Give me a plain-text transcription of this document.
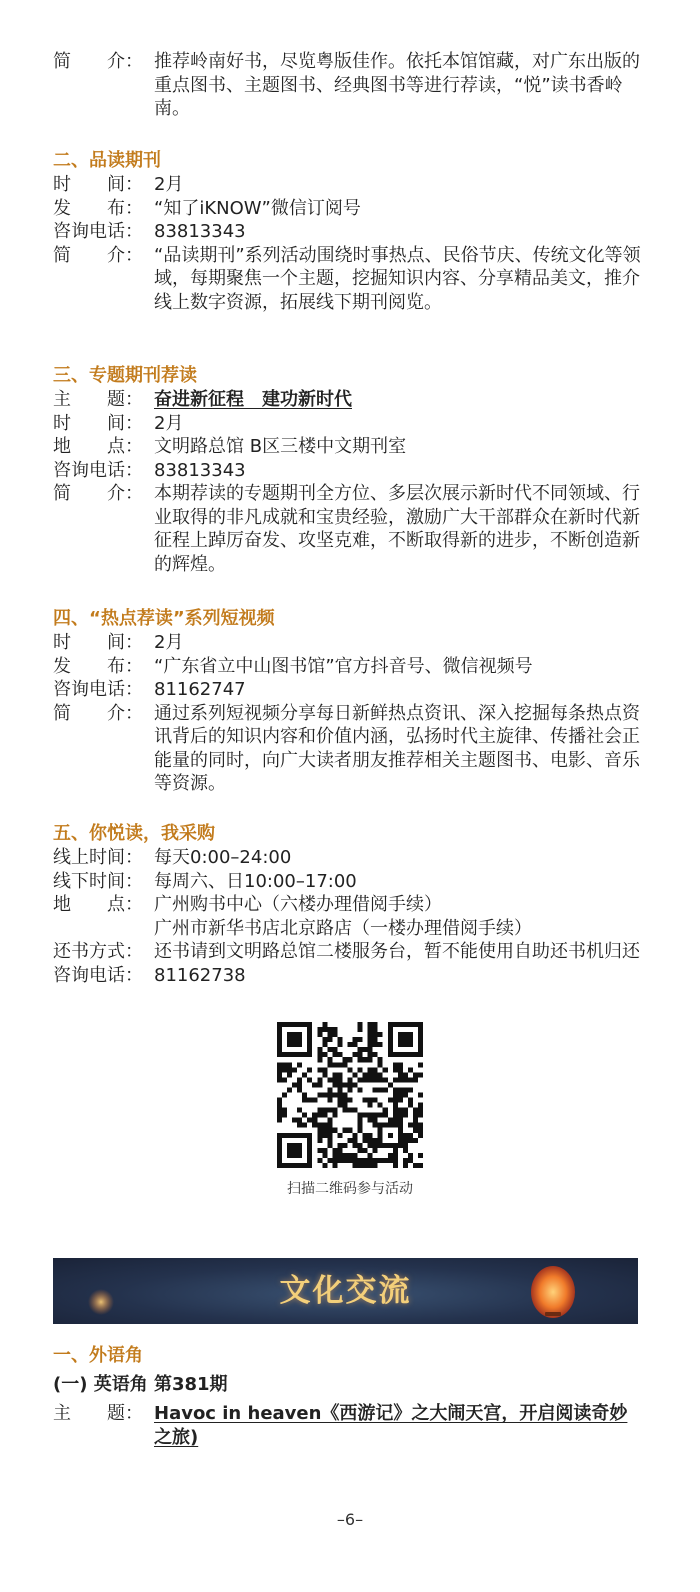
简　　介： 推荐岭南好书，尽览粤版佳作。依托本馆馆藏，对广东出版的重点图书、主题图书、经典图书等进行荐读，“悦”读书香岭南。
二、品读期刊
时　　间： 2月
发　　布： “知了iKNOW”微信订阅号
咨询电话： 83813343
简　　介： “品读期刊”系列活动围绕时事热点、民俗节庆、传统文化等领域，每期聚焦一个主题，挖掘知识内容、分享精品美文，推介线上数字资源，拓展线下期刊阅览。
三、专题期刊荐读
主　　题： 奋进新征程　建功新时代
时　　间： 2月
地　　点： 文明路总馆 B区三楼中文期刊室
咨询电话： 83813343
简　　介： 本期荐读的专题期刊全方位、多层次展示新时代不同领域、行业取得的非凡成就和宝贵经验，激励广大干部群众在新时代新征程上踔厉奋发、攻坚克难，不断取得新的进步，不断创造新的辉煌。
四、“热点荐读”系列短视频
时　　间： 2月
发　　布： “广东省立中山图书馆”官方抖音号、微信视频号
咨询电话： 81162747
简　　介： 通过系列短视频分享每日新鲜热点资讯、深入挖掘每条热点资讯背后的知识内容和价值内涵，弘扬时代主旋律、传播社会正能量的同时，向广大读者朋友推荐相关主题图书、电影、音乐等资源。
五、你悦读，我采购
线上时间： 每天0:00–24:00
线下时间： 每周六、日10:00–17:00
地　　点： 广州购书中心（六楼办理借阅手续）
广州市新华书店北京路店（一楼办理借阅手续）
还书方式： 还书请到文明路总馆二楼服务台，暂不能使用自助还书机归还
咨询电话： 81162738
一、外语角
(一) 英语角 第381期
主　　题： Havoc in heaven《西游记》之大闹天宫，开启阅读奇妙之旅)
扫描二维码参与活动
文化交流
–6–
